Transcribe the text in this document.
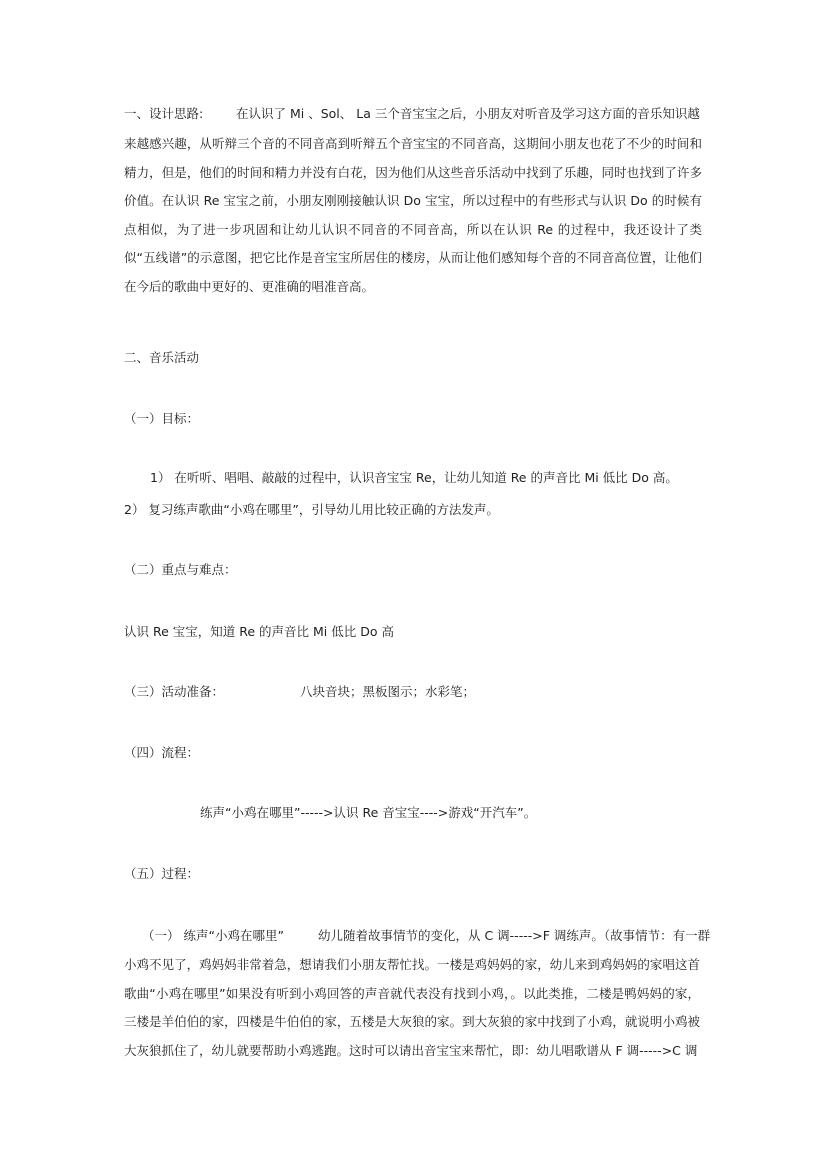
一、设计思路:	在认识了 Mi 、Sol、 La 三个音宝宝之后，小朋友对听音及学习这方面的音乐知识越

来越感兴趣，从听辩三个音的不同音高到听辩五个音宝宝的不同音高，这期间小朋友也花了不少的时间和精力，但是，他们的时间和精力并没有白花，因为他们从这些音乐活动中找到了乐趣，同时也找到了许多价值。在认识 Re 宝宝之前，小朋友刚刚接触认识 Do 宝宝，所以过程中的有些形式与认识 Do 的时候有点相似，为了进一步巩固和让幼儿认识不同音的不同音高，所以在认识 Re 的过程中，我还设计了类似“五线谱”的示意图，把它比作是音宝宝所居住的楼房，从而让他们感知每个音的不同音高位置，让他们在今后的歌曲中更好的、更准确的唱准音高。

二、音乐活动
（一）目标：
1） 在听听、唱唱、敲敲的过程中，认识音宝宝 Re，让幼儿知道 Re 的声音比 Mi 低比 Do 高。
2） 复习练声歌曲“小鸡在哪里”，引导幼儿用比较正确的方法发声。
（二）重点与难点：
认识 Re 宝宝，知道 Re 的声音比 Mi 低比 Do 高
（三）活动准备：	八块音块；黑板图示；水彩笔；
（四）流程：
练声“小鸡在哪里”----->认识 Re 音宝宝---->游戏“开汽车”。
（五）过程：
（一） 练声“小鸡在哪里”	幼儿随着故事情节的变化，从 C 调----->F 调练声。（故事情节：有一群

小鸡不见了，鸡妈妈非常着急，想请我们小朋友帮忙找。一楼是鸡妈妈的家，幼儿来到鸡妈妈的家唱这首歌曲“小鸡在哪里”如果没有听到小鸡回答的声音就代表没有找到小鸡，。以此类推，二楼是鸭妈妈的家，三楼是羊伯伯的家，四楼是牛伯伯的家，五楼是大灰狼的家。到大灰狼的家中找到了小鸡，就说明小鸡被大灰狼抓住了，幼儿就要帮助小鸡逃跑。这时可以请出音宝宝来帮忙，即：幼儿唱歌谱从 F 调----->C 调
